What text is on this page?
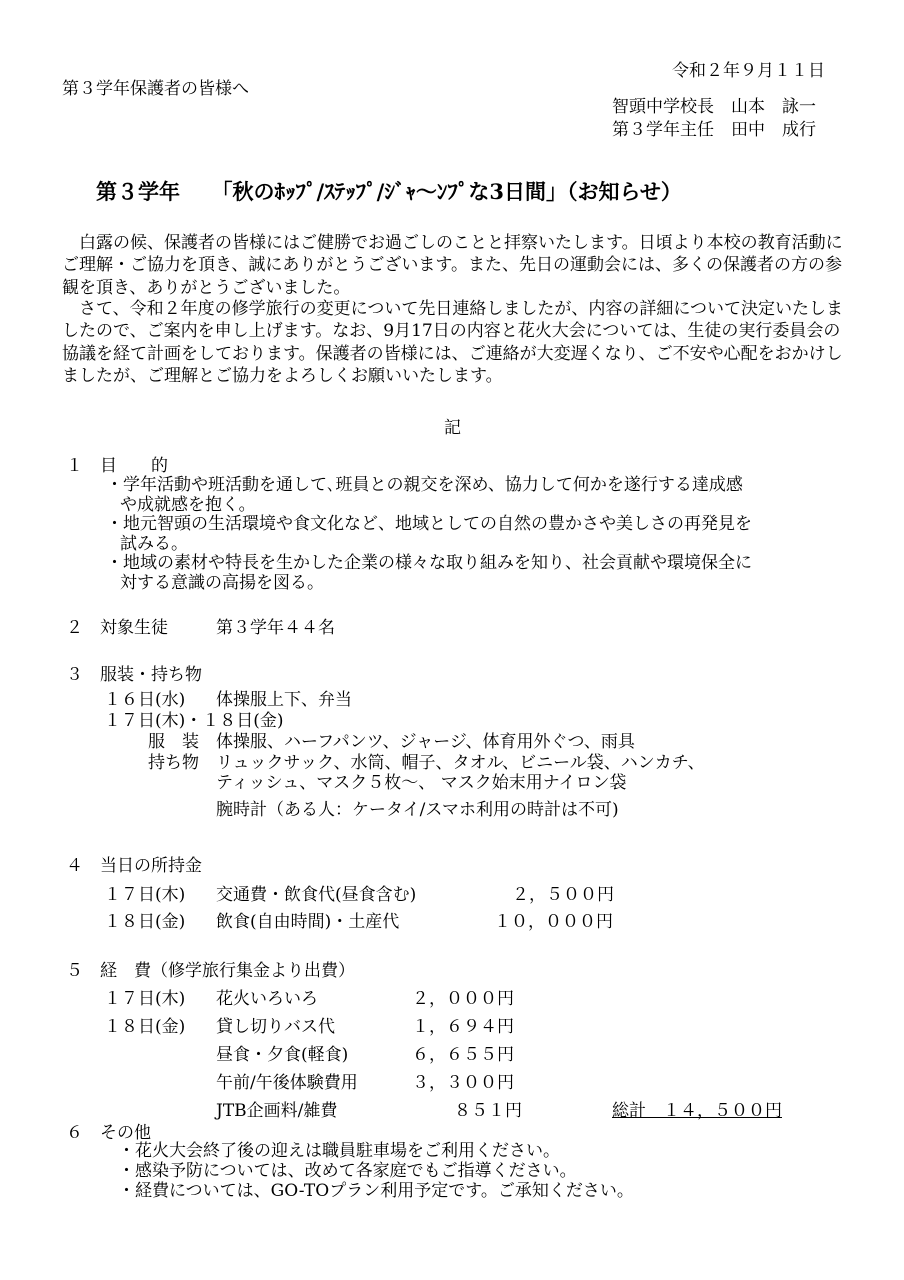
令和２年９月１１日
第３学年保護者の皆様へ
智頭中学校長　山本　詠一
第３学年主任　田中　成行
第３学年　　「秋のﾎｯﾌﾟ/ｽﾃｯﾌﾟ/ｼﾞｬ～ﾝﾌﾟな3日間」（お知らせ）
　白露の候、保護者の皆様にはご健勝でお過ごしのことと拝察いたします。日頃より本校の教育活動にご理解・ご協力を頂き、誠にありがとうございます。また、先日の運動会には、多くの保護者の方の参観を頂き、ありがとうございました。
　さて、令和２年度の修学旅行の変更について先日連絡しましたが、内容の詳細について決定いたしましたので、ご案内を申し上げます。なお、9月17日の内容と花火大会については、生徒の実行委員会の協議を経て計画をしております。保護者の皆様には、ご連絡が大変遅くなり、ご不安や心配をおかけしましたが、ご理解とご協力をよろしくお願いいたします。
記
１　目　　的
・学年活動や班活動を通して､班員との親交を深め、協力して何かを遂行する達成感
や成就感を抱く。
・地元智頭の生活環境や食文化など、地域としての自然の豊かさや美しさの再発見を
試みる。
・地域の素材や特長を生かした企業の様々な取り組みを知り、社会貢献や環境保全に
対する意識の高揚を図る。
２　対象生徒	第３学年４４名
３　服装・持ち物
１６日(水) 体操服上下、弁当
１７日(木)・１８日(金)
服　装 体操服、ハーフパンツ、ジャージ、体育用外ぐつ、雨具
持ち物 リュックサック、水筒、帽子、タオル、ビニール袋、ハンカチ、
ティッシュ、マスク５枚～、 マスク始末用ナイロン袋
腕時計（ある人：ケータイ/スマホ利用の時計は不可)
４　当日の所持金
１７日(木) 交通費・飲食代(昼食含む)	２，５００円
１８日(金) 飲食(自由時間)・土産代	１０，０００円
５　経　費（修学旅行集金より出費）
１７日(木) 花火いろいろ	２，０００円
１８日(金) 貸し切りバス代	１，６９４円
昼食・夕食(軽食)	６，６５５円
午前/午後体験費用	３，３００円
JTB企画料/雑費	８５１円	総計　１４，５００円
６　その他
・花火大会終了後の迎えは職員駐車場をご利用ください。
・感染予防については、改めて各家庭でもご指導ください。
・経費については、GO-TOプラン利用予定です。ご承知ください。
